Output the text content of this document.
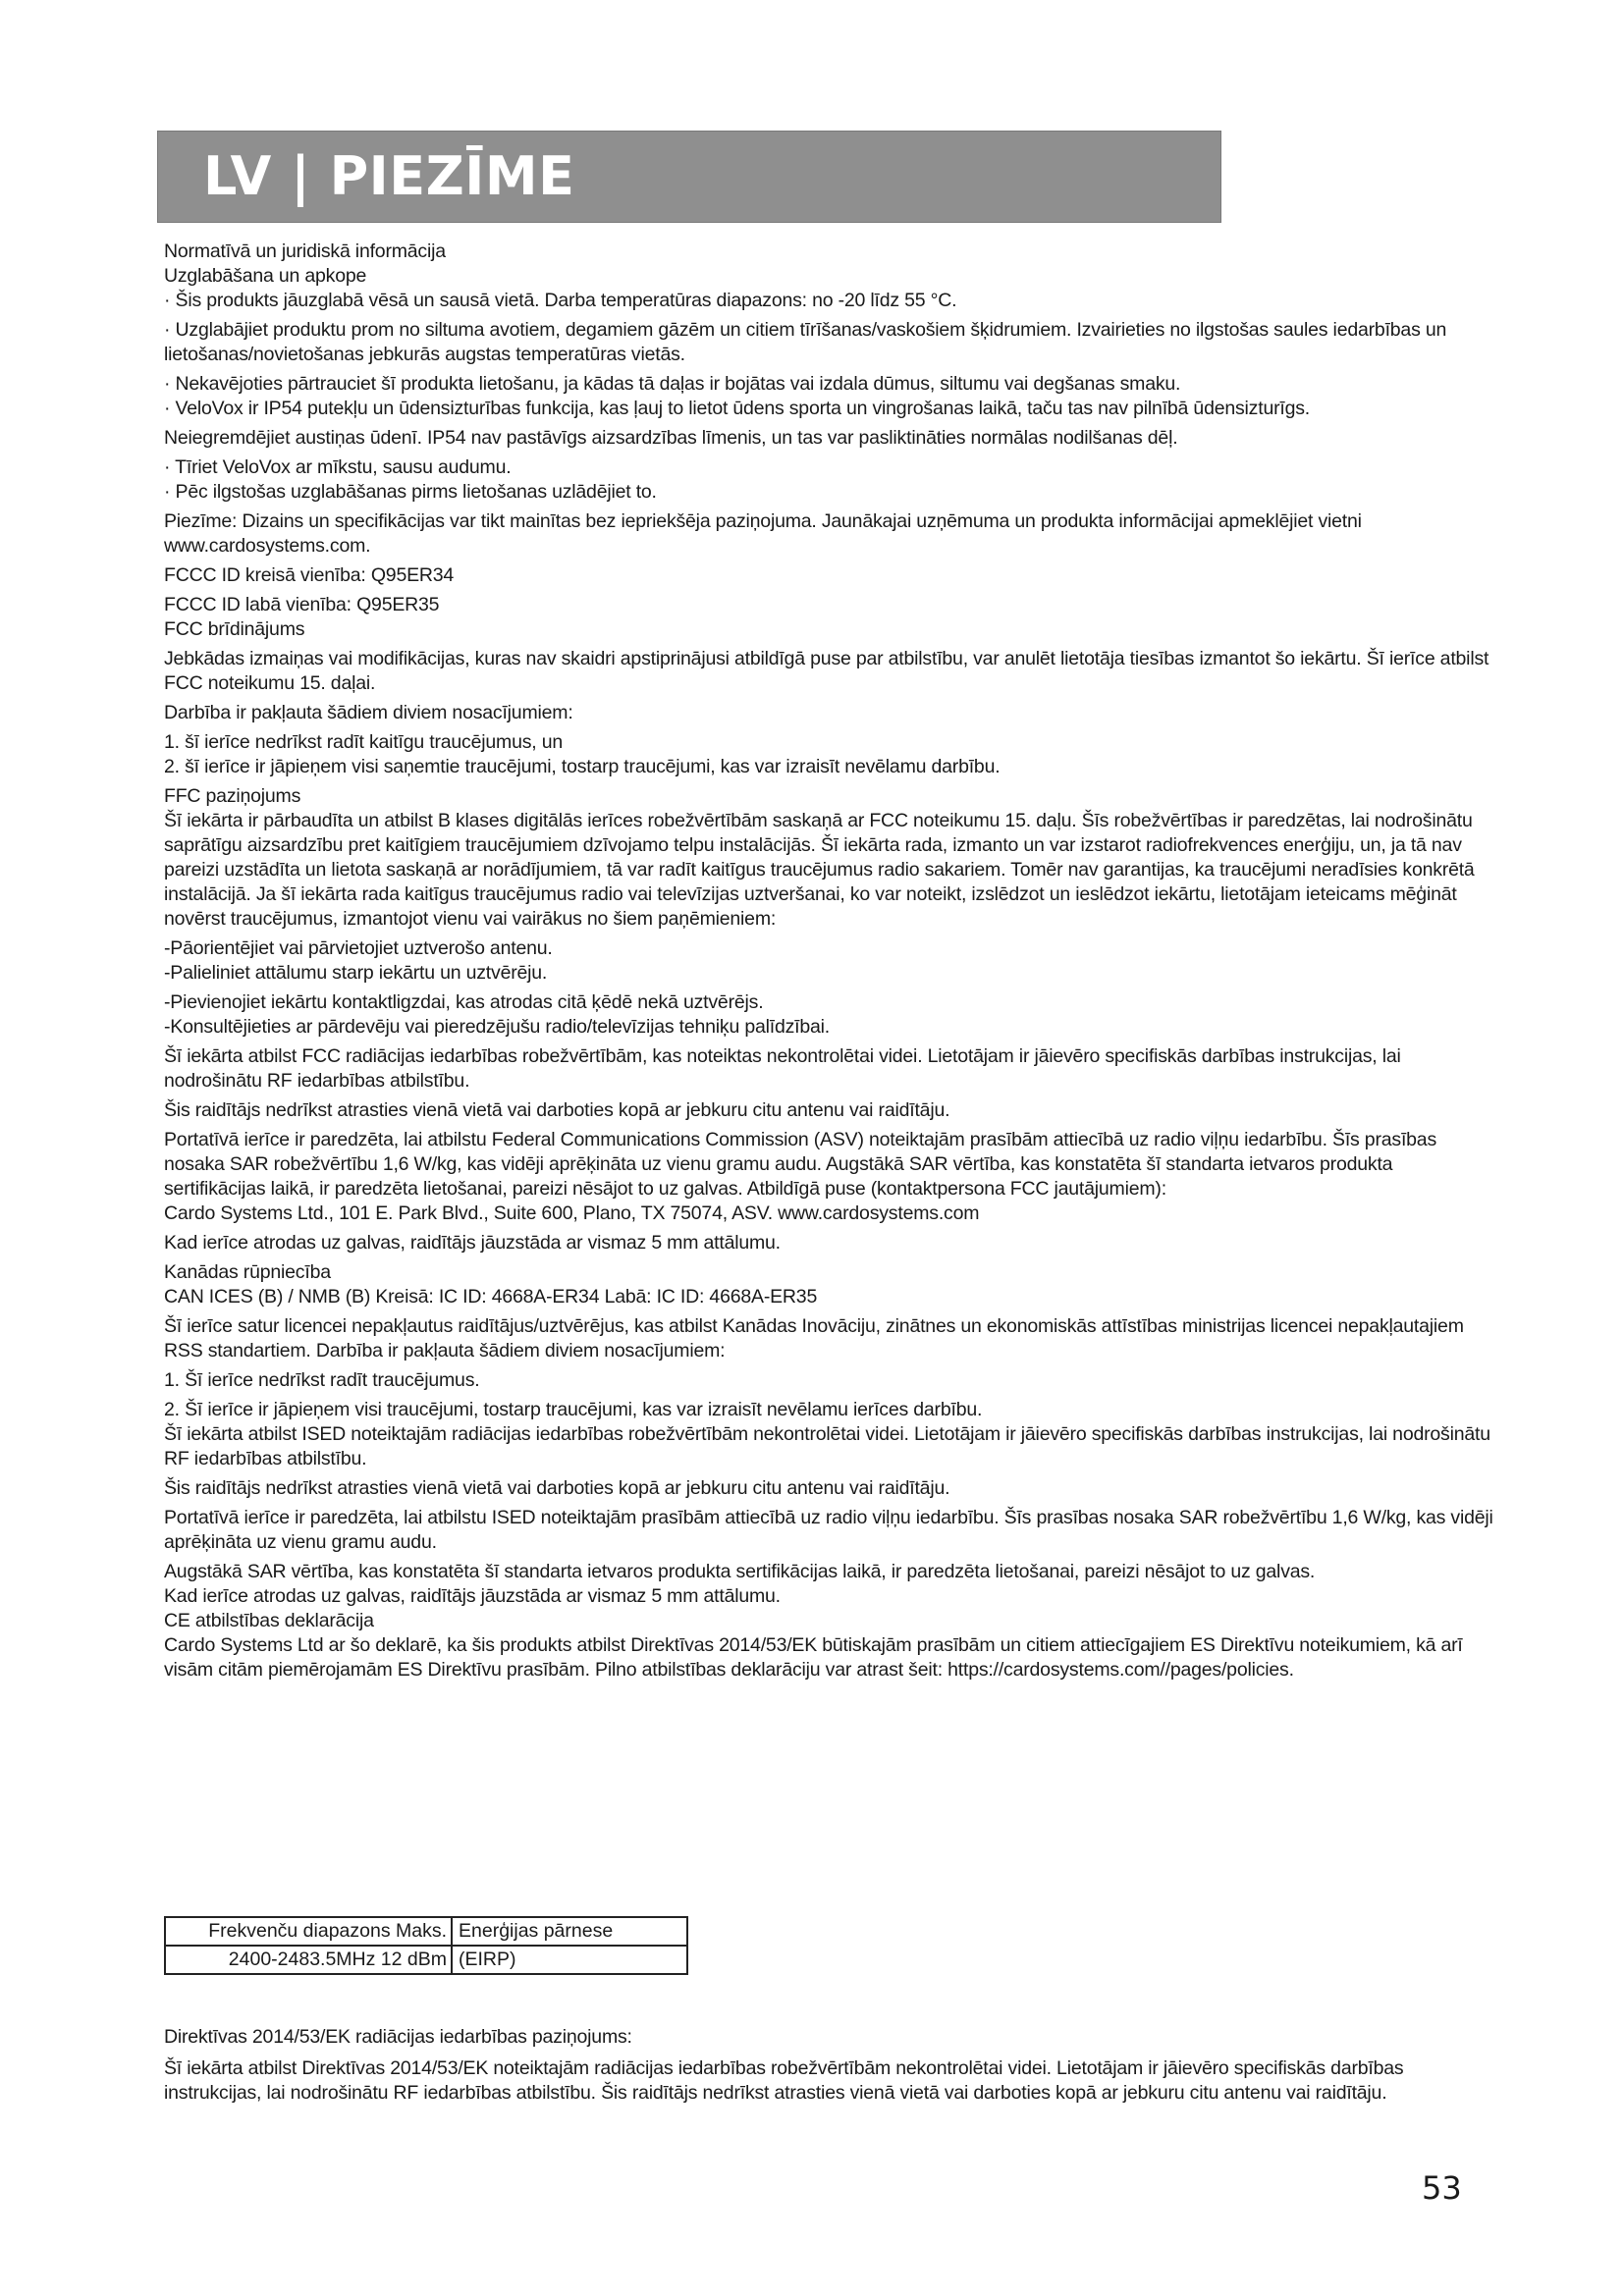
LV | PIEZĪME

Normatīvā un juridiskā informācija

Uzglabāšana un apkope

· Šis produkts jāuzglabā vēsā un sausā vietā. Darba temperatūras diapazons: no -20 līdz 55 °C.

· Uzglabājiet produktu prom no siltuma avotiem, degamiem gāzēm un citiem tīrīšanas/vaskošiem šķidrumiem. Izvairieties no ilgstošas saules iedarbības un lietošanas/novietošanas jebkurās augstas temperatūras vietās.

· Nekavējoties pārtrauciet šī produkta lietošanu, ja kādas tā daļas ir bojātas vai izdala dūmus, siltumu vai degšanas smaku.

· VeloVox ir IP54 putekļu un ūdensizturības funkcija, kas ļauj to lietot ūdens sporta un vingrošanas laikā, taču tas nav pilnībā ūdensizturīgs.

Neiegremdējiet austiņas ūdenī. IP54 nav pastāvīgs aizsardzības līmenis, un tas var pasliktināties normālas nodilšanas dēļ.

· Tīriet VeloVox ar mīkstu, sausu audumu.

· Pēc ilgstošas uzglabāšanas pirms lietošanas uzlādējiet to.

Piezīme: Dizains un specifikācijas var tikt mainītas bez iepriekšēja paziņojuma. Jaunākajai uzņēmuma un produkta informācijai apmeklējiet vietni www.cardosystems.com.

FCCC ID kreisā vienība: Q95ER34

FCCC ID labā vienība: Q95ER35

FCC brīdinājums

Jebkādas izmaiņas vai modifikācijas, kuras nav skaidri apstiprinājusi atbildīgā puse par atbilstību, var anulēt lietotāja tiesības izmantot šo iekārtu. Šī ierīce atbilst FCC noteikumu 15. daļai.

Darbība ir pakļauta šādiem diviem nosacījumiem:

1. šī ierīce nedrīkst radīt kaitīgu traucējumus, un

2. šī ierīce ir jāpieņem visi saņemtie traucējumi, tostarp traucējumi, kas var izraisīt nevēlamu darbību.

FFC paziņojums

Šī iekārta ir pārbaudīta un atbilst B klases digitālās ierīces robežvērtībām saskaņā ar FCC noteikumu 15. daļu. Šīs robežvērtības ir paredzētas, lai nodrošinātu saprātīgu aizsardzību pret kaitīgiem traucējumiem dzīvojamo telpu instalācijās. Šī iekārta rada, izmanto un var izstarot radiofrekvences enerģiju, un, ja tā nav pareizi uzstādīta un lietota saskaņā ar norādījumiem, tā var radīt kaitīgus traucējumus radio sakariem. Tomēr nav garantijas, ka traucējumi neradīsies konkrētā instalācijā. Ja šī iekārta rada kaitīgus traucējumus radio vai televīzijas uztveršanai, ko var noteikt, izslēdzot un ieslēdzot iekārtu, lietotājam ieteicams mēģināt novērst traucējumus, izmantojot vienu vai vairākus no šiem paņēmieniem:

-Pāorientējiet vai pārvietojiet uztverošo antenu.

-Palieliniet attālumu starp iekārtu un uztvērēju.

-Pievienojiet iekārtu kontaktligzdai, kas atrodas citā ķēdē nekā uztvērējs.

-Konsultējieties ar pārdevēju vai pieredzējušu radio/televīzijas tehniķu palīdzībai.

Šī iekārta atbilst FCC radiācijas iedarbības robežvērtībām, kas noteiktas nekontrolētai videi. Lietotājam ir jāievēro specifiskās darbības instrukcijas, lai nodrošinātu RF iedarbības atbilstību.

Šis raidītājs nedrīkst atrasties vienā vietā vai darboties kopā ar jebkuru citu antenu vai raidītāju.

Portatīvā ierīce ir paredzēta, lai atbilstu Federal Communications Commission (ASV) noteiktajām prasībām attiecībā uz radio viļņu iedarbību. Šīs prasības nosaka SAR robežvērtību 1,6 W/kg, kas vidēji aprēķināta uz vienu gramu audu. Augstākā SAR vērtība, kas konstatēta šī standarta ietvaros produkta sertifikācijas laikā, ir paredzēta lietošanai, pareizi nēsājot to uz galvas. Atbildīgā puse (kontaktpersona FCC jautājumiem):

Cardo Systems Ltd., 101 E. Park Blvd., Suite 600, Plano, TX 75074, ASV. www.cardosystems.com

Kad ierīce atrodas uz galvas, raidītājs jāuzstāda ar vismaz 5 mm attālumu.

Kanādas rūpniecība

CAN ICES (B) / NMB (B) Kreisā: IC ID: 4668A-ER34 Labā: IC ID: 4668A-ER35

Šī ierīce satur licencei nepakļautus raidītājus/uztvērējus, kas atbilst Kanādas Inovāciju, zinātnes un ekonomiskās attīstības ministrijas licencei nepakļautajiem RSS standartiem. Darbība ir pakļauta šādiem diviem nosacījumiem:

1. Šī ierīce nedrīkst radīt traucējumus.

2. Šī ierīce ir jāpieņem visi traucējumi, tostarp traucējumi, kas var izraisīt nevēlamu ierīces darbību.

Šī iekārta atbilst ISED noteiktajām radiācijas iedarbības robežvērtībām nekontrolētai videi. Lietotājam ir jāievēro specifiskās darbības instrukcijas, lai nodrošinātu RF iedarbības atbilstību.

Šis raidītājs nedrīkst atrasties vienā vietā vai darboties kopā ar jebkuru citu antenu vai raidītāju.

Portatīvā ierīce ir paredzēta, lai atbilstu ISED noteiktajām prasībām attiecībā uz radio viļņu iedarbību. Šīs prasības nosaka SAR robežvērtību 1,6 W/kg, kas vidēji aprēķināta uz vienu gramu audu.

Augstākā SAR vērtība, kas konstatēta šī standarta ietvaros produkta sertifikācijas laikā, ir paredzēta lietošanai, pareizi nēsājot to uz galvas.

Kad ierīce atrodas uz galvas, raidītājs jāuzstāda ar vismaz 5 mm attālumu.

CE atbilstības deklarācija

Cardo Systems Ltd ar šo deklarē, ka šis produkts atbilst Direktīvas 2014/53/EK būtiskajām prasībām un citiem attiecīgajiem ES Direktīvu noteikumiem, kā arī visām citām piemērojamām ES Direktīvu prasībām. Pilno atbilstības deklarāciju var atrast šeit: https://cardosystems.com//pages/policies.

Frekvenču diapazons Maks.	Enerģijas pārnese
2400-2483.5MHz 12 dBm	(EIRP)

Direktīvas 2014/53/EK radiācijas iedarbības paziņojums:

Šī iekārta atbilst Direktīvas 2014/53/EK noteiktajām radiācijas iedarbības robežvērtībām nekontrolētai videi. Lietotājam ir jāievēro specifiskās darbības instrukcijas, lai nodrošinātu RF iedarbības atbilstību. Šis raidītājs nedrīkst atrasties vienā vietā vai darboties kopā ar jebkuru citu antenu vai raidītāju.

53
